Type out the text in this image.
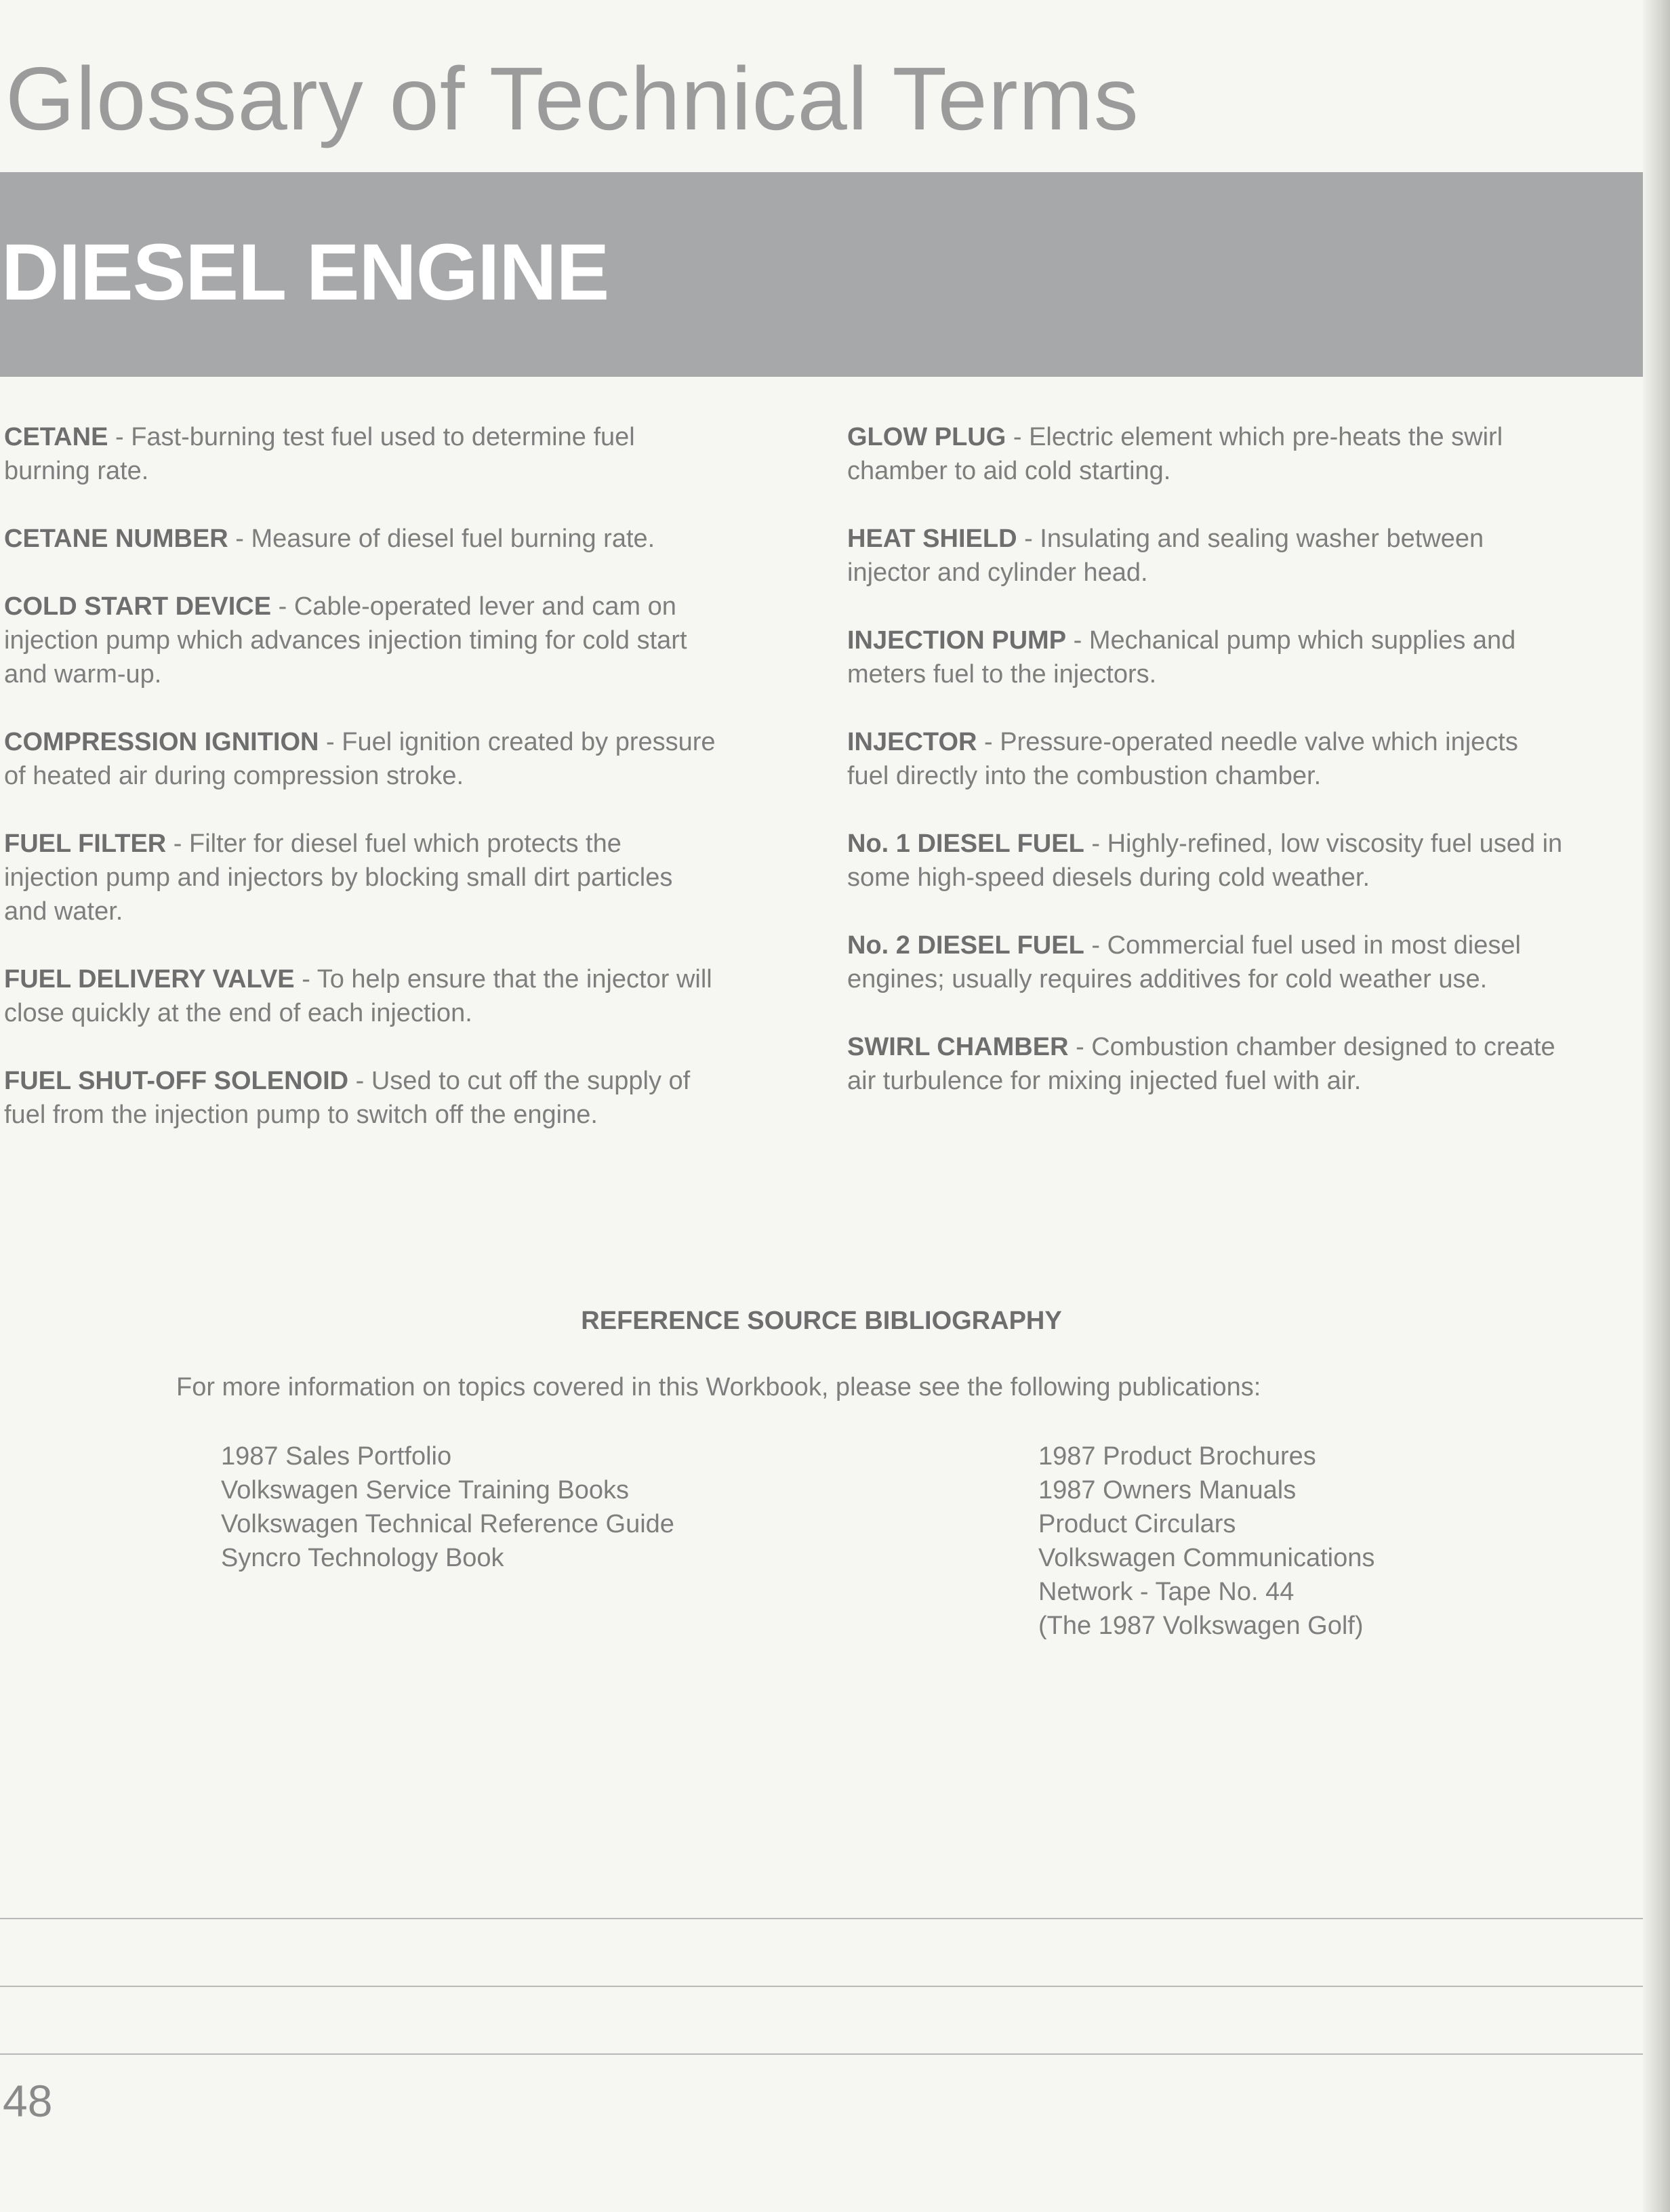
Glossary of Technical Terms
DIESEL ENGINE

CETANE - Fast-burning test fuel used to determine fuel burning rate.

CETANE NUMBER - Measure of diesel fuel burning rate.

COLD START DEVICE - Cable-operated lever and cam on injection pump which advances injection timing for cold start and warm-up.

COMPRESSION IGNITION - Fuel ignition created by pressure of heated air during compression stroke.

FUEL FILTER - Filter for diesel fuel which protects the injection pump and injectors by blocking small dirt particles and water.

FUEL DELIVERY VALVE - To help ensure that the injector will close quickly at the end of each injection.

FUEL SHUT-OFF SOLENOID - Used to cut off the supply of fuel from the injection pump to switch off the engine.

GLOW PLUG - Electric element which pre-heats the swirl chamber to aid cold starting.

HEAT SHIELD - Insulating and sealing washer between injector and cylinder head.

INJECTION PUMP - Mechanical pump which supplies and meters fuel to the injectors.

INJECTOR - Pressure-operated needle valve which injects fuel directly into the combustion chamber.

No. 1 DIESEL FUEL - Highly-refined, low viscosity fuel used in some high-speed diesels during cold weather.

No. 2 DIESEL FUEL - Commercial fuel used in most diesel engines; usually requires additives for cold weather use.

SWIRL CHAMBER - Combustion chamber designed to create air turbulence for mixing injected fuel with air.

REFERENCE SOURCE BIBLIOGRAPHY
For more information on topics covered in this Workbook, please see the following publications:
1987 Sales Portfolio
Volkswagen Service Training Books
Volkswagen Technical Reference Guide
Syncro Technology Book
1987 Product Brochures
1987 Owners Manuals
Product Circulars
Volkswagen Communications
Network - Tape No. 44
(The 1987 Volkswagen Golf)
48
